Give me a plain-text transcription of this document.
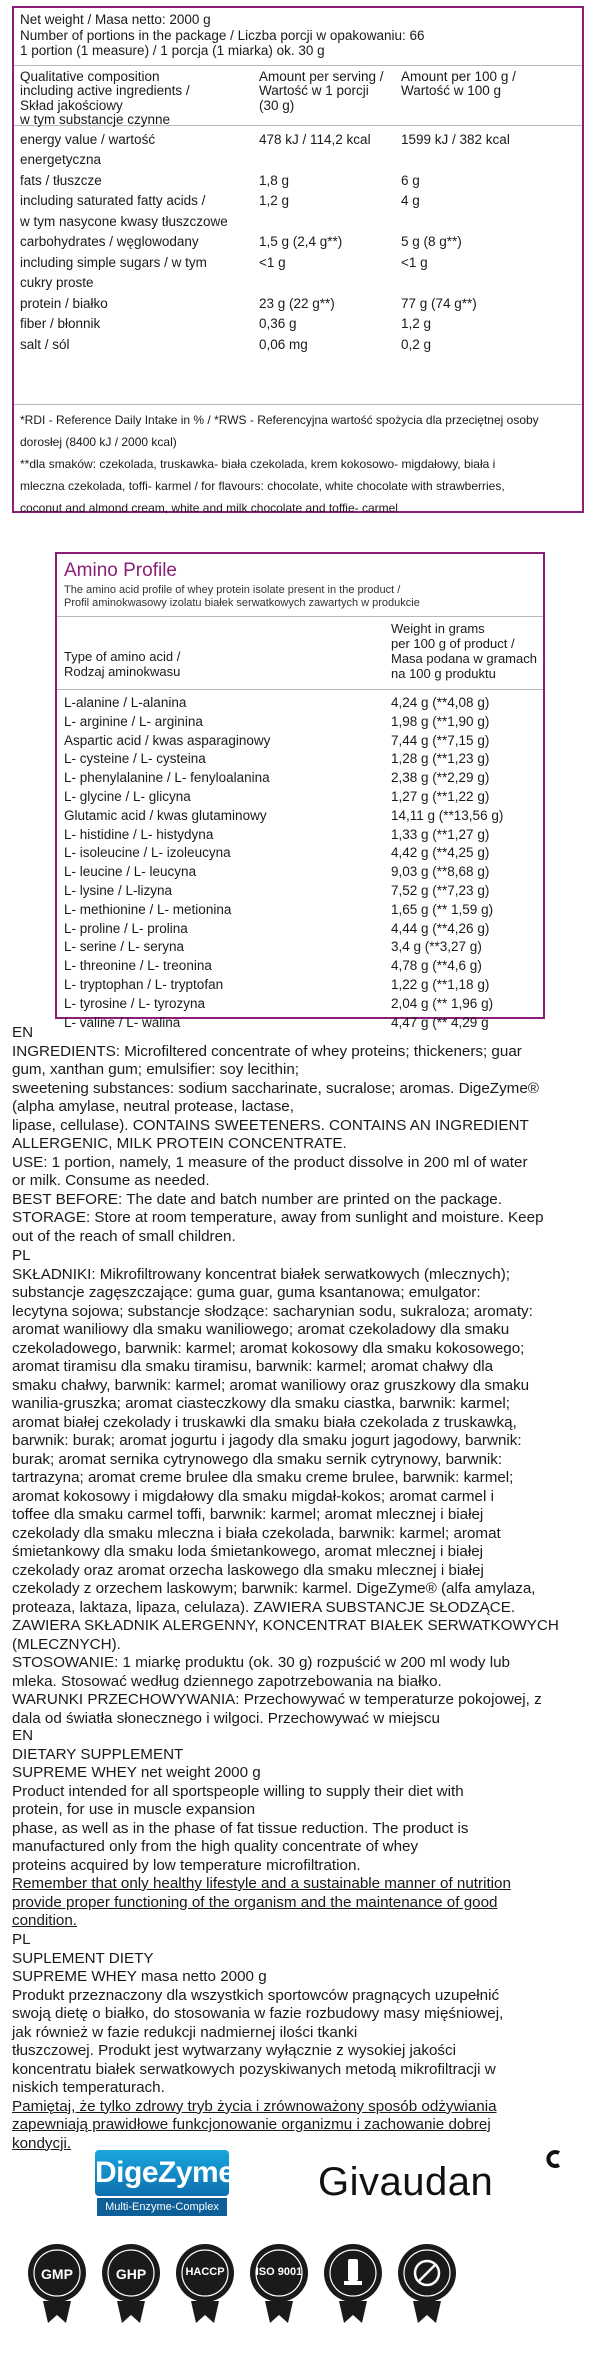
Net weight / Masa netto: 2000 g
Number of portions in the package / Liczba porcji w opakowaniu: 66
1 portion (1 measure) / 1 porcja (1 miarka) ok. 30 g
Qualitative composition
including active ingredients /
Skład jakościowy
w tym substancje czynne
Amount per serving /
Wartość w 1 porcji
(30 g)
Amount per 100 g /
Wartość w 100 g
energy value / wartość	478 kJ / 114,2 kcal	1599 kJ / 382 kcal
energetyczna
fats / tłuszcze	1,8 g	6 g
including saturated fatty acids /	1,2 g	4 g
w tym nasycone kwasy tłuszczowe
carbohydrates / węglowodany	1,5 g (2,4 g**)	5 g (8 g**)
including simple sugars / w tym	<1 g	<1 g
cukry proste
protein / białko	23 g (22 g**)	77 g (74 g**)
fiber / błonnik	0,36 g	1,2 g
salt / sól	0,06 mg	0,2 g
*RDI - Reference Daily Intake in % / *RWS - Referencyjna wartość spożycia dla przeciętnej osoby
dorosłej (8400 kJ / 2000 kcal)
**dla smaków: czekolada, truskawka- biała czekolada, krem kokosowo- migdałowy, biała i
mleczna czekolada, toffi- karmel / for flavours: chocolate, white chocolate with strawberries,
coconut and almond cream, white and milk chocolate and toffie- carmel
Amino Profile
The amino acid profile of whey protein isolate present in the product /
Profil aminokwasowy izolatu białek serwatkowych zawartych w produkcie
Type of amino acid /
Rodzaj aminokwasu
Weight in grams
per 100 g of product /
Masa podana w gramach
na 100 g produktu
L-alanine / L-alanina	4,24 g (**4,08 g)
L- arginine / L- arginina	1,98 g (**1,90 g)
Aspartic acid / kwas asparaginowy	7,44 g (**7,15 g)
L- cysteine / L- cysteina	1,28 g (**1,23 g)
L- phenylalanine / L- fenyloalanina	2,38 g (**2,29 g)
L- glycine / L- glicyna	1,27 g (**1,22 g)
Glutamic acid / kwas glutaminowy	14,11 g (**13,56 g)
L- histidine / L- histydyna	1,33 g (**1,27 g)
L- isoleucine / L- izoleucyna	4,42 g (**4,25 g)
L- leucine / L- leucyna	9,03 g (**8,68 g)
L- lysine / L-lizyna	7,52 g (**7,23 g)
L- methionine / L- metionina	1,65 g (** 1,59 g)
L- proline / L- prolina	4,44 g (**4,26 g)
L- serine / L- seryna	3,4 g (**3,27 g)
L- threonine / L- treonina	4,78 g (**4,6 g)
L- tryptophan / L- tryptofan	1,22 g (**1,18 g)
L- tyrosine / L- tyrozyna	2,04 g (** 1,96 g)
L- valine / L- walina	4,47 g (** 4,29 g

EN

INGREDIENTS: Microfiltered concentrate of whey proteins; thickeners; guar
gum, xanthan gum; emulsifier: soy lecithin;
sweetening substances: sodium saccharinate, sucralose; aromas. DigeZyme®
(alpha amylase, neutral protease, lactase,
lipase, cellulase). CONTAINS SWEETENERS. CONTAINS AN INGREDIENT
ALLERGENIC, MILK PROTEIN CONCENTRATE.
USE: 1 portion, namely, 1 measure of the product dissolve in 200 ml of water
or milk. Consume as needed.
BEST BEFORE: The date and batch number are printed on the package.
STORAGE: Store at room temperature, away from sunlight and moisture. Keep
out of the reach of small children.

PL

SKŁADNIKI: Mikrofiltrowany koncentrat białek serwatkowych (mlecznych);
substancje zagęszczające: guma guar, guma ksantanowa; emulgator:
lecytyna sojowa; substancje słodzące: sacharynian sodu, sukraloza; aromaty:
aromat waniliowy dla smaku waniliowego; aromat czekoladowy dla smaku
czekoladowego, barwnik: karmel; aromat kokosowy dla smaku kokosowego;
aromat tiramisu dla smaku tiramisu, barwnik: karmel; aromat chałwy dla
smaku chałwy, barwnik: karmel; aromat waniliowy oraz gruszkowy dla smaku
wanilia-gruszka; aromat ciasteczkowy dla smaku ciastka, barwnik: karmel;
aromat białej czekolady i truskawki dla smaku biała czekolada z truskawką,
barwnik: burak; aromat jogurtu i jagody dla smaku jogurt jagodowy, barwnik:
burak; aromat sernika cytrynowego dla smaku sernik cytrynowy, barwnik:
tartrazyna; aromat creme brulee dla smaku creme brulee, barwnik: karmel;
aromat kokosowy i migdałowy dla smaku migdał-kokos; aromat carmel i
toffee dla smaku carmel toffi, barwnik: karmel; aromat mlecznej i białej
czekolady dla smaku mleczna i biała czekolada, barwnik: karmel; aromat
śmietankowy dla smaku loda śmietankowego, aromat mlecznej i białej
czekolady oraz aromat orzecha laskowego dla smaku mlecznej i białej
czekolady z orzechem laskowym; barwnik: karmel. DigeZyme® (alfa amylaza,
proteaza, laktaza, lipaza, celulaza). ZAWIERA SUBSTANCJE SŁODZĄCE.
ZAWIERA SKŁADNIK ALERGENNY, KONCENTRAT BIAŁEK SERWATKOWYCH
(MLECZNYCH).
STOSOWANIE: 1 miarkę produktu (ok. 30 g) rozpuścić w 200 ml wody lub
mleka. Stosować według dziennego zapotrzebowania na białko.
WARUNKI PRZECHOWYWANIA: Przechowywać w temperaturze pokojowej, z
dala od światła słonecznego i wilgoci. Przechowywać w miejscu

EN

DIETARY SUPPLEMENT

SUPREME WHEY net weight 2000 g

Product intended for all sportspeople willing to supply their diet with
protein, for use in muscle expansion
phase, as well as in the phase of fat tissue reduction. The product is
manufactured only from the high quality concentrate of whey
proteins acquired by low temperature microfiltration.
Remember that only healthy lifestyle and a sustainable manner of nutrition
provide proper functioning of the organism and the maintenance of good
condition.

PL

SUPLEMENT DIETY

SUPREME WHEY masa netto 2000 g

Produkt przeznaczony dla wszystkich sportowców pragnących uzupełnić
swoją dietę o białko, do stosowania w fazie rozbudowy masy mięśniowej,
jak również w fazie redukcji nadmiernej ilości tkanki
tłuszczowej. Produkt jest wytwarzany wyłącznie z wysokiej jakości
koncentratu białek serwatkowych pozyskiwanych metodą mikrofiltracji w
niskich temperaturach.
Pamiętaj, że tylko zdrowy tryb życia i zrównoważony sposób odżywiania
zapewniają prawidłowe funkcjonowanie organizmu i zachowanie dobrej
kondycji.
DigeZyme
Multi-Enzyme-Complex
Givaudan
GMP	GHP	HACCP	ISO 9001
